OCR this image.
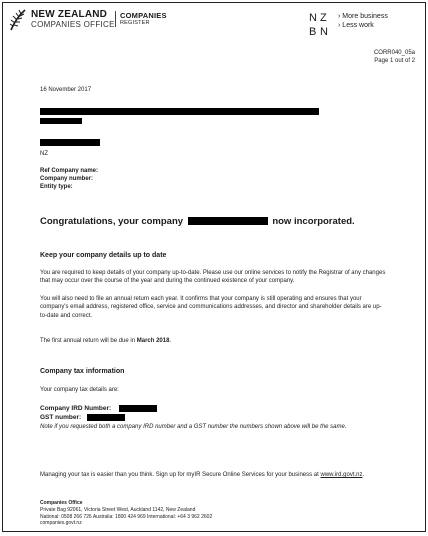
NEW ZEALAND
COMPANIES OFFICE
COMPANIES
REGISTER	N Z
B N
› More business
› Less work
CORR040_05a
Page 1 out of 2
16 November 2017
NZ
Ref Company name:
Company number:
Entity type:
Congratulations, your company	now incorporated.
Keep your company details up to date
You are required to keep details of your company up-to-date. Please use our online services to notify the Registrar of any changes that may occur over the course of the year and during the continued existence of your company.
You will also need to file an annual return each year. It confirms that your company is still operating and ensures that your company's email address, registered office, service and communications addresses, and director and shareholder details are up-to-date and correct.
The first annual return will be due in March 2018.
Company tax information
Your company tax details are:
Company IRD Number:
GST number:
Note if you requested both a company IRD number and a GST number the numbers shown above will be the same.
Managing your tax is easier than you think. Sign up for myIR Secure Online Services for your business at www.ird.govt.nz.
Companies Office
Private Bag 92061, Victoria Street West, Auckland 1142, New Zealand
National: 0508 266 726 Australia: 1800 424 969 International: +64 3 962 2602
companies.govt.nz
